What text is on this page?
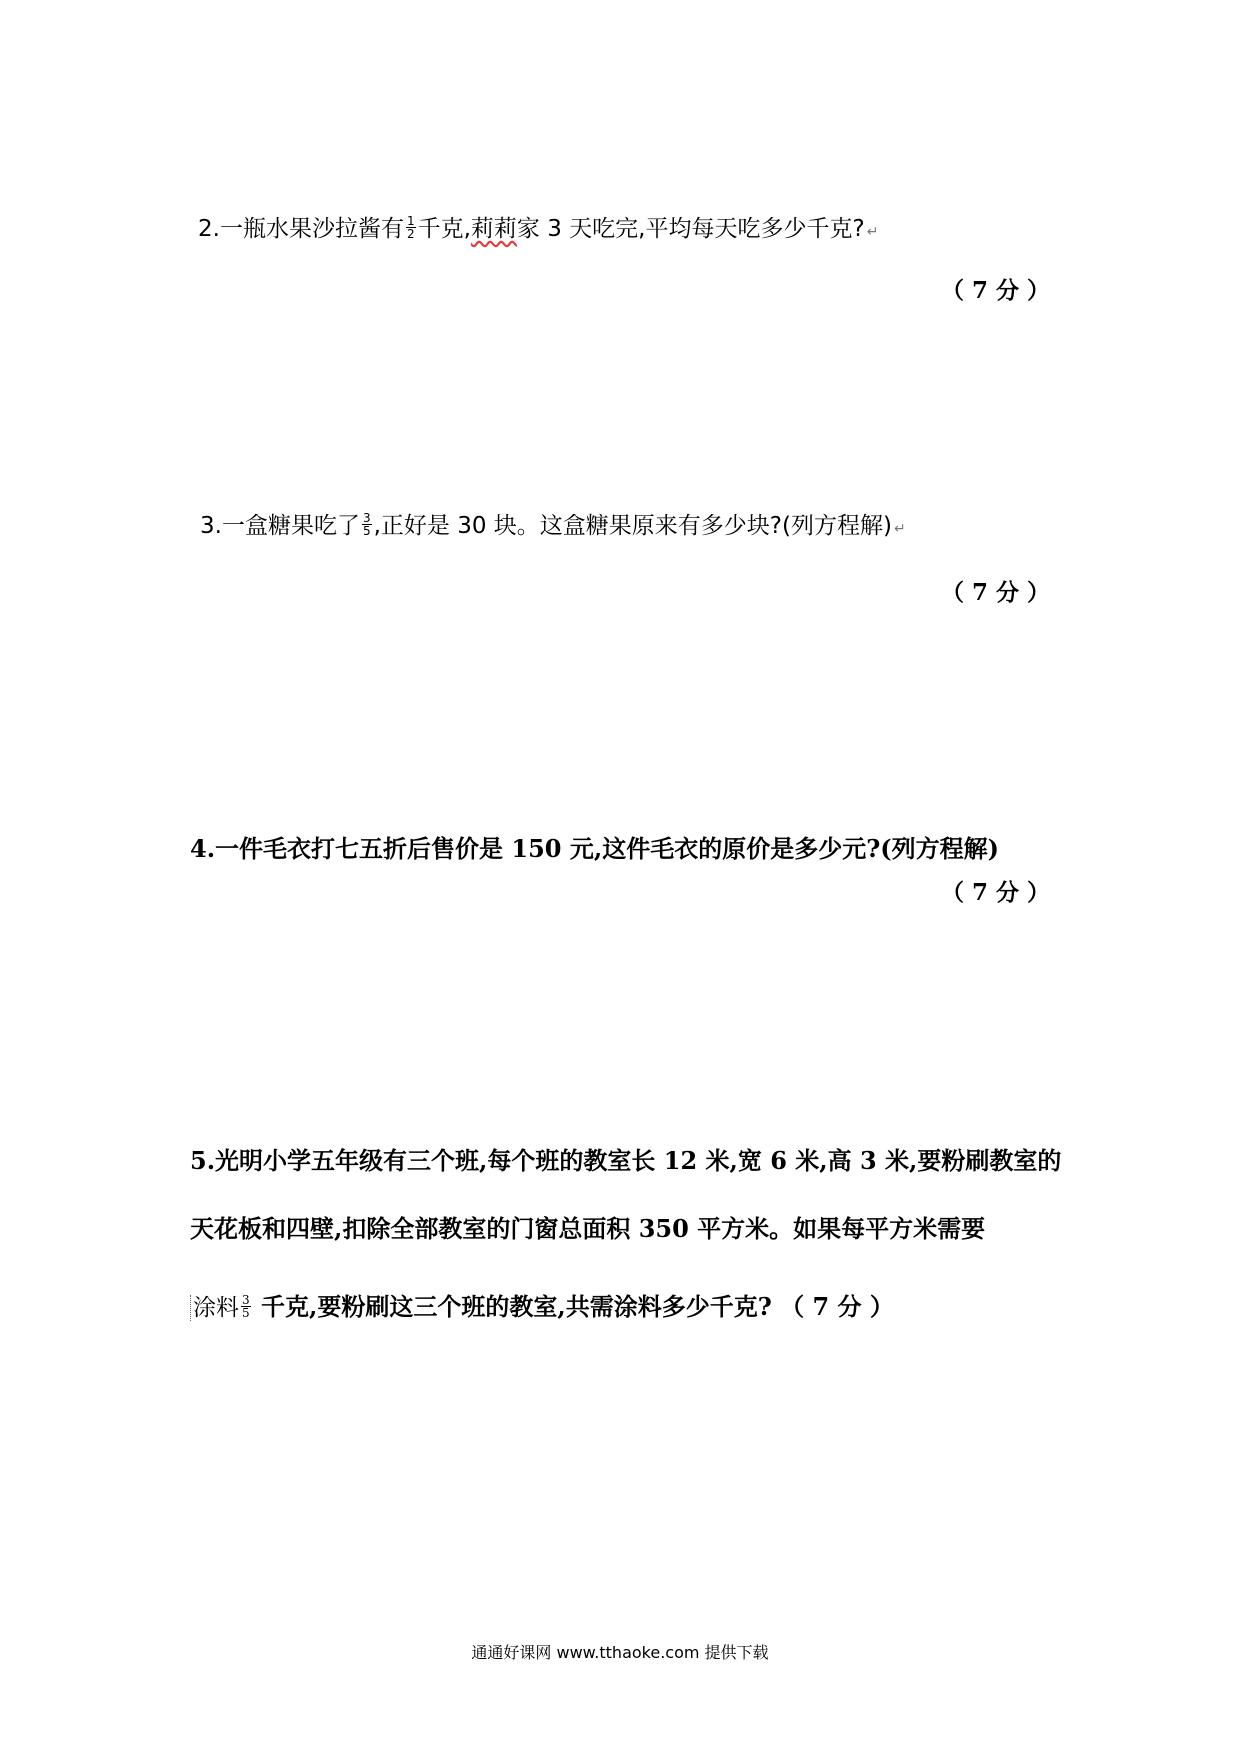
2.一瓶水果沙拉酱有 $\frac{1}{2}$ 千克,莉莉家 3 天吃完,平均每天吃多少千克? ↵
（ 7 分 ）
3.一盒糖果吃了 $\frac{3}{5}$ ,正好是 30 块。这盒糖果原来有多少块?(列方程解) ↵
（ 7 分 ）
4.一件毛衣打七五折后售价是 150 元,这件毛衣的原价是多少元?(列方程解)
（ 7 分 ）
5.光明小学五年级有三个班,每个班的教室长 12 米,宽 6 米,高 3 米,要粉刷教室的
天花板和四壁,扣除全部教室的门窗总面积 350 平方米。如果每平方米需要
涂料 $\frac{3}{5}$ 千克,要粉刷这三个班的教室,共需涂料多少千克? （ 7 分 ）
通通好课网 www.tthaoke.com 提供下载
